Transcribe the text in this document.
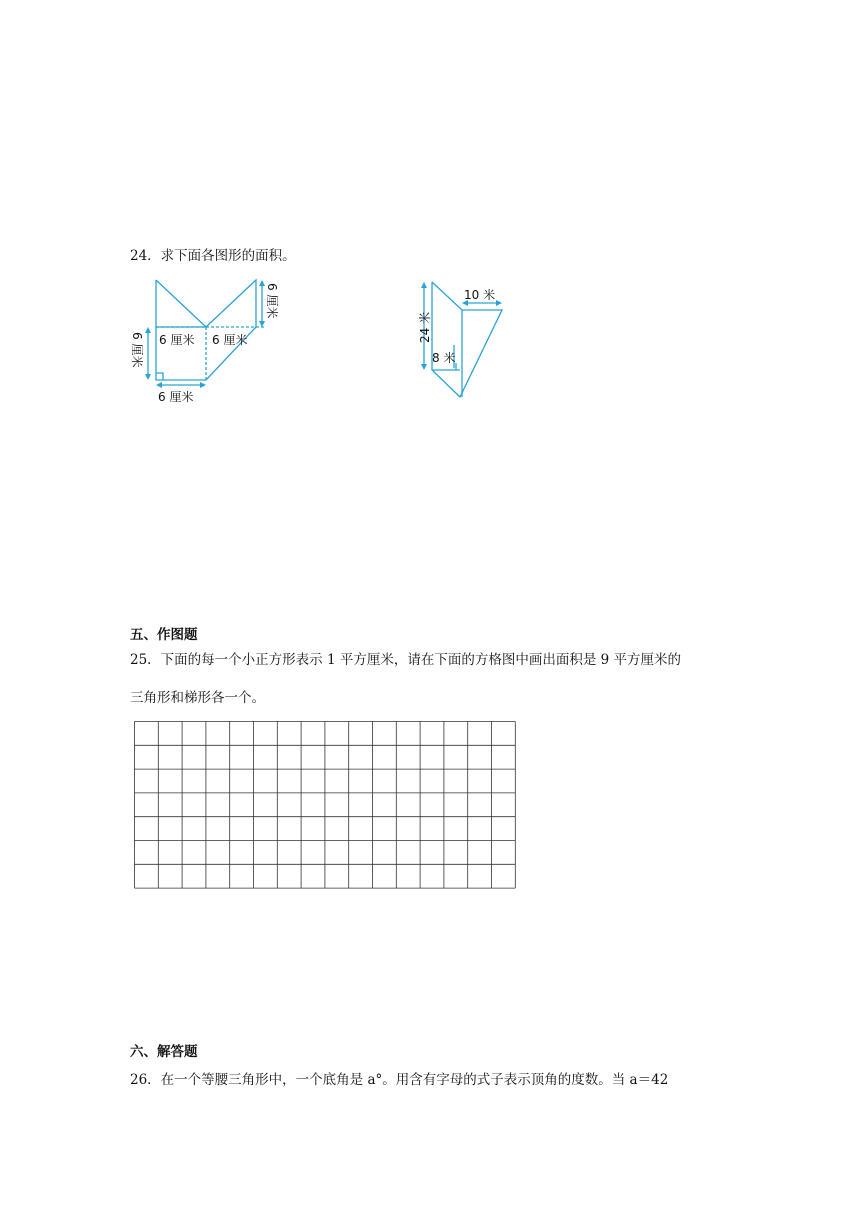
24．求下面各图形的面积。
6 厘米 6 厘米
6 厘米
6 厘米
6 厘米	10 米
24 米
8 米
五、作图题
25．下面的每一个小正方形表示 1 平方厘米，请在下面的方格图中画出面积是 9 平方厘米的
三角形和梯形各一个。
六、解答题
26．在一个等腰三角形中，一个底角是 a°。用含有字母的式子表示顶角的度数。当 a＝42
